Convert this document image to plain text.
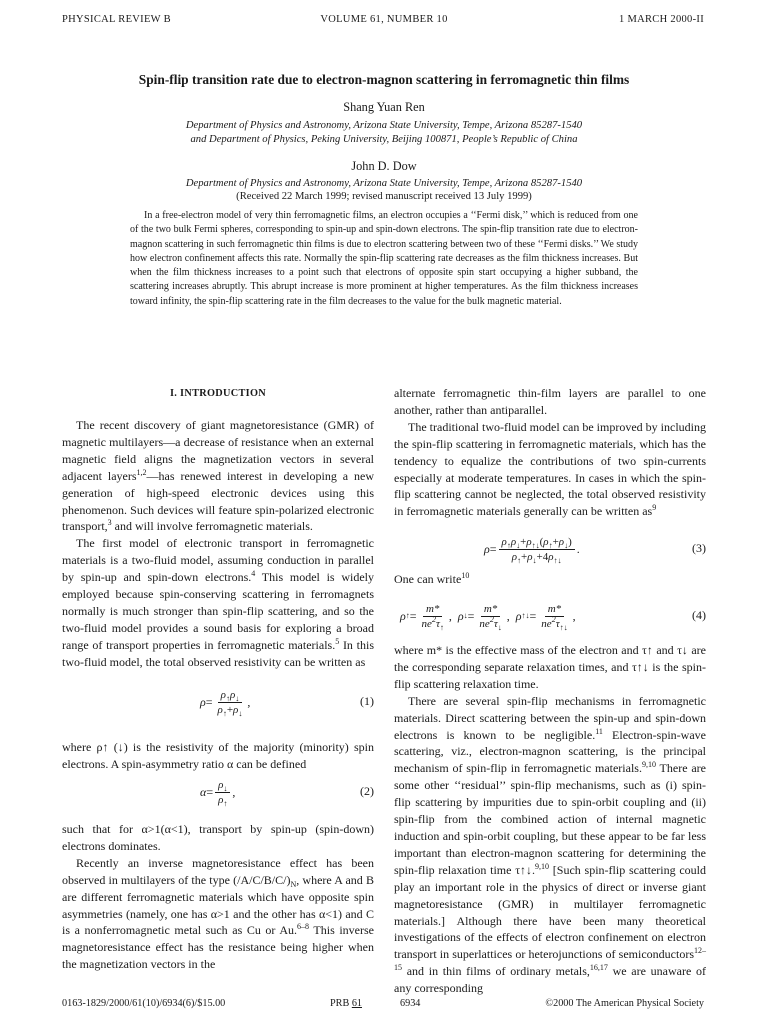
PHYSICAL REVIEW B	VOLUME 61, NUMBER 10	1 MARCH 2000-II
Spin-flip transition rate due to electron-magnon scattering in ferromagnetic thin films
Shang Yuan Ren
Department of Physics and Astronomy, Arizona State University, Tempe, Arizona 85287-1540
and Department of Physics, Peking University, Beijing 100871, People’s Republic of China
John D. Dow
Department of Physics and Astronomy, Arizona State University, Tempe, Arizona 85287-1540
(Received 22 March 1999; revised manuscript received 13 July 1999)
In a free-electron model of very thin ferromagnetic films, an electron occupies a ‘‘Fermi disk,’’ which is reduced from one of the two bulk Fermi spheres, corresponding to spin-up and spin-down electrons. The spin-flip transition rate due to electron-magnon scattering in such ferromagnetic thin films is due to electron scattering between two of these ‘‘Fermi disks.’’ We study how electron confinement affects this rate. Normally the spin-flip scattering rate decreases as the film thickness increases. But when the film thickness increases to a point such that electrons of opposite spin start occupying a higher subband, the scattering increases abruptly. This abrupt increase is more prominent at higher temperatures. As the film thickness increases toward infinity, the spin-flip scattering rate in the film decreases to the value for the bulk magnetic material.
I. INTRODUCTION

The recent discovery of giant magnetoresistance (GMR) of magnetic multilayers—a decrease of resistance when an external magnetic field aligns the magnetization vectors in several adjacent layers$^{1,2}$—has renewed interest in developing a new generation of high-speed electronic devices using this phenomenon. Such devices will feature spin-polarized electronic transport,$^3$ and will involve ferromagnetic materials.

The first model of electronic transport in ferromagnetic materials is a two-fluid model, assuming conduction in parallel by spin-up and spin-down electrons.$^4$ This model is widely employed because spin-conserving scattering in ferromagnets normally is much stronger than spin-flip scattering, and so the two-fluid model provides a sound basis for exploring a broad range of transport properties in ferromagnetic materials.$^5$ In this two-fluid model, the total observed resistivity can be written as

$\rho = \frac{\rho_↑\rho_↓}{\rho_↑+\rho_↓}$ ,	(1)

where ρ↑ (↓) is the resistivity of the majority (minority) spin electrons. A spin-asymmetry ratio α can be defined

$\alpha = \frac{\rho_↓}{\rho_↑}$ ,	(2)

such that for α>1(α<1), transport by spin-up (spin-down) electrons dominates.

Recently an inverse magnetoresistance effect has been observed in multilayers of the type $(/A/C/B/C/)_N$, where A and B are different ferromagnetic materials which have opposite spin asymmetries (namely, one has α>1 and the other has α<1) and C is a nonferromagnetic metal such as Cu or Au.$^{6-8}$ This inverse magnetoresistance effect has the resistance being higher when the magnetization vectors in the

alternate ferromagnetic thin-film layers are parallel to one another, rather than antiparallel.

The traditional two-fluid model can be improved by including the spin-flip scattering in ferromagnetic materials, which has the tendency to equalize the contributions of two spin-currents especially at moderate temperatures. In cases in which the spin-flip scattering cannot be neglected, the total observed resistivity in ferromagnetic materials generally can be written as$^9$

$\rho = \frac{\rho_↑\rho_↓+\rho_{↑↓}(\rho_↑+\rho_↓)}{\rho_↑+\rho_↓+4\rho_{↑↓}}$ .	(3)

One can write$^{10}$

ρ ↑ = $\frac{m*}{ne^2\tau_↑}$ , ρ ↓ = $\frac{m*}{ne^2\tau_↓}$ , ρ ↑↓ = $\frac{m*}{ne^2\tau_{↑↓}}$ ,	(4)

where m* is the effective mass of the electron and τ↑ and τ↓ are the corresponding separate relaxation times, and τ↑↓ is the spin-flip scattering relaxation time.

There are several spin-flip mechanisms in ferromagnetic materials. Direct scattering between the spin-up and spin-down electrons is known to be negligible.$^{11}$ Electron-spin-wave scattering, viz., electron-magnon scattering, is the principal mechanism of spin-flip in ferromagnetic materials.$^{9,10}$ There are some other ‘‘residual’’ spin-flip mechanisms, such as (i) spin-flip scattering by impurities due to spin-orbit coupling and (ii) spin-flip from the combined action of internal magnetic induction and spin-orbit coupling, but these appear to be far less important than electron-magnon scattering for determining the spin-flip relaxation time τ↑↓.$^{9,10}$ [Such spin-flip scattering could play an important role in the physics of direct or inverse giant magnetoresistance (GMR) in multilayer ferromagnetic materials.] Although there have been many theoretical investigations of the effects of electron confinement on electron transport in superlattices or heterojunctions of semiconductors$^{12-15}$ and in thin films of ordinary metals,$^{16,17}$ we are unaware of any corresponding

0163-1829/2000/61(10)/6934(6)/$15.00	PRB 61	6934	©2000 The American Physical Society
